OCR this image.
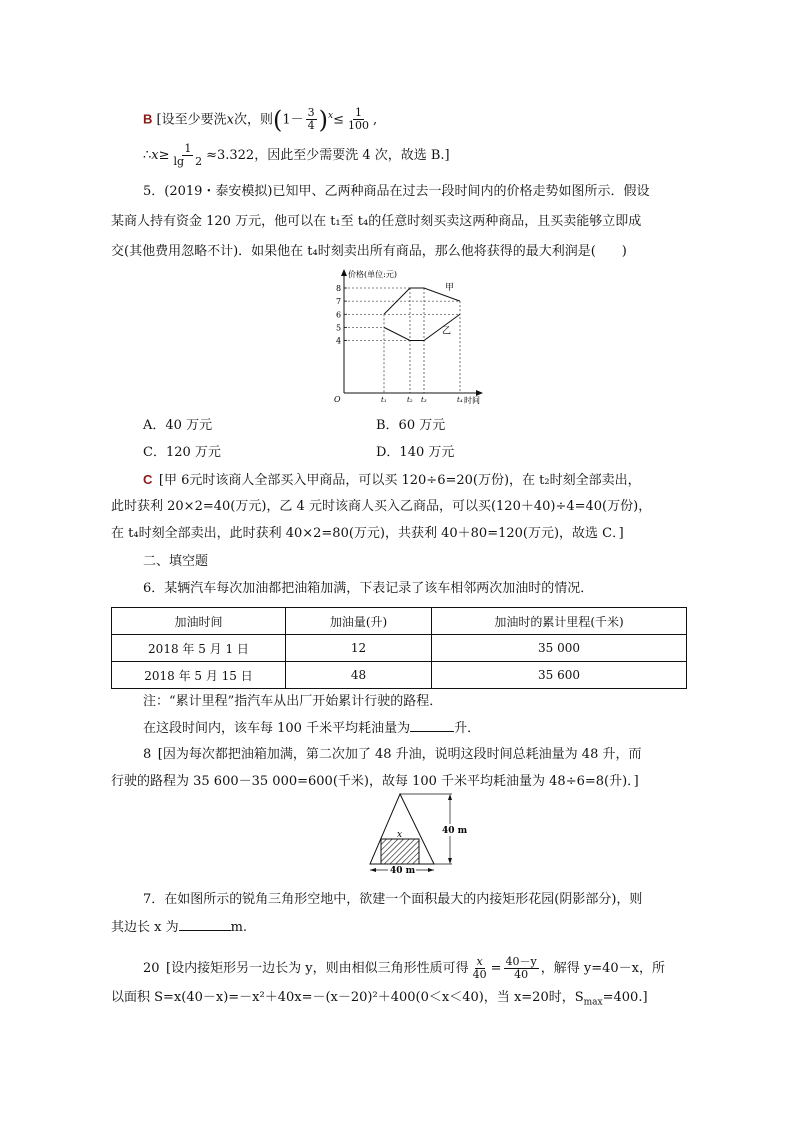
B [设至少要洗x次，则$(1- \frac{3}{4} )^x\le \frac{1}{100}$ ,
∴x≥ $\frac{1}{\lg 2} \approx 3.322$，因此至少需要洗 4 次，故选 B.]
5．(2019・泰安模拟)已知甲、乙两种商品在过去一段时间内的价格走势如图所示．假设
某商人持有资金 120 万元，他可以在 t₁至 t₄的任意时刻买卖这两种商品，且买卖能够立即成
交(其他费用忽略不计)．如果他在 t₄时刻卖出所有商品，那么他将获得的最大利润是(　　)
价格(单位:元)
时间
O
8
7
6
5
4
t₁	t₂ t₃	t₄
甲
乙
A．40 万元	B．60 万元
C．120 万元	D．140 万元
C  [甲 6元时该商人全部买入甲商品，可以买 120÷6=20(万份)，在 t₂时刻全部卖出，
此时获利 20×2=40(万元)，乙 4 元时该商人买入乙商品，可以买(120＋40)÷4=40(万份)，
在 t₄时刻全部卖出，此时获利 40×2=80(万元)，共获利 40＋80=120(万元)，故选 C．]
二、填空题
6．某辆汽车每次加油都把油箱加满，下表记录了该车相邻两次加油时的情况．
加油时间	加油量(升)	加油时的累计里程(千米)
2018 年 5 月 1 日	12	35 000
2018 年 5 月 15 日	48	35 600
注：“累计里程”指汽车从出厂开始累计行驶的路程．
在这段时间内，该车每 100 千米平均耗油量为	升．
8  [因为每次都把油箱加满，第二次加了 48 升油，说明这段时间总耗油量为 48 升，而
行驶的路程为 35 600－35 000=600(千米)，故每 100 千米平均耗油量为 48÷6=8(升)．]
40 m
40 m
x
7．在如图所示的锐角三角形空地中，欲建一个面积最大的内接矩形花园(阴影部分)，则
其边长 x 为	m.
20  [设内接矩形另一边长为 y，则由相似三角形性质可得 $\frac{x}{40} = \frac{40-y}{40}$ ，解得 y=40－x，所
以面积 S=x(40－x)=－x²＋40x=－(x－20)²＋400(0＜x＜40)，当 x=20时，$S_{max}=400$.]
